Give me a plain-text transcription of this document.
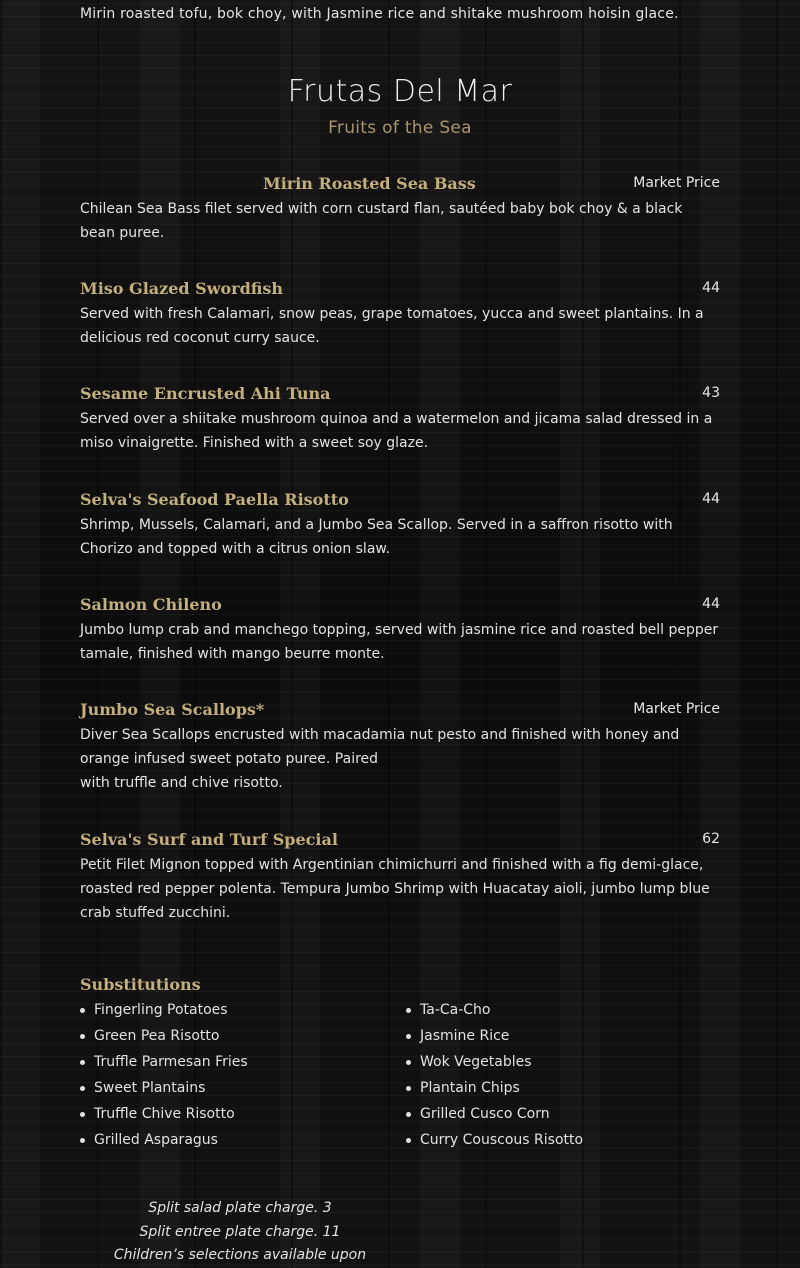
Mirin roasted tofu, bok choy, with Jasmine rice and shitake mushroom hoisin glace.
Frutas Del Mar
Fruits of the Sea
Mirin Roasted Sea Bass	Market Price
Chilean Sea Bass filet served with corn custard flan, sautéed baby bok choy & a black bean puree.
Miso Glazed Swordfish	44
Served with fresh Calamari, snow peas, grape tomatoes, yucca and sweet plantains. In a delicious red coconut curry sauce.
Sesame Encrusted Ahi Tuna	43
Served over a shiitake mushroom quinoa and a watermelon and jicama salad dressed in a miso vinaigrette. Finished with a sweet soy glaze.
Selva's Seafood Paella Risotto	44
Shrimp, Mussels, Calamari, and a Jumbo Sea Scallop. Served in a saffron risotto with Chorizo and topped with a citrus onion slaw.
Salmon Chileno	44
Jumbo lump crab and manchego topping, served with jasmine rice and roasted bell pepper tamale, finished with mango beurre monte.
Jumbo Sea Scallops*	Market Price
Diver Sea Scallops encrusted with macadamia nut pesto and finished with honey and orange infused sweet potato puree. Paired
with truffle and chive risotto.
Selva's Surf and Turf Special	62
Petit Filet Mignon topped with Argentinian chimichurri and finished with a fig demi-glace, roasted red pepper polenta. Tempura Jumbo Shrimp with Huacatay aioli, jumbo lump blue crab stuffed zucchini.
Substitutions
Fingerling Potatoes
Green Pea Risotto
Truffle Parmesan Fries
Sweet Plantains
Truffle Chive Risotto
Grilled Asparagus
Ta-Ca-Cho
Jasmine Rice
Wok Vegetables
Plantain Chips
Grilled Cusco Corn
Curry Couscous Risotto
Split salad plate charge. 3
Split entree plate charge. 11
Children’s selections available upon
